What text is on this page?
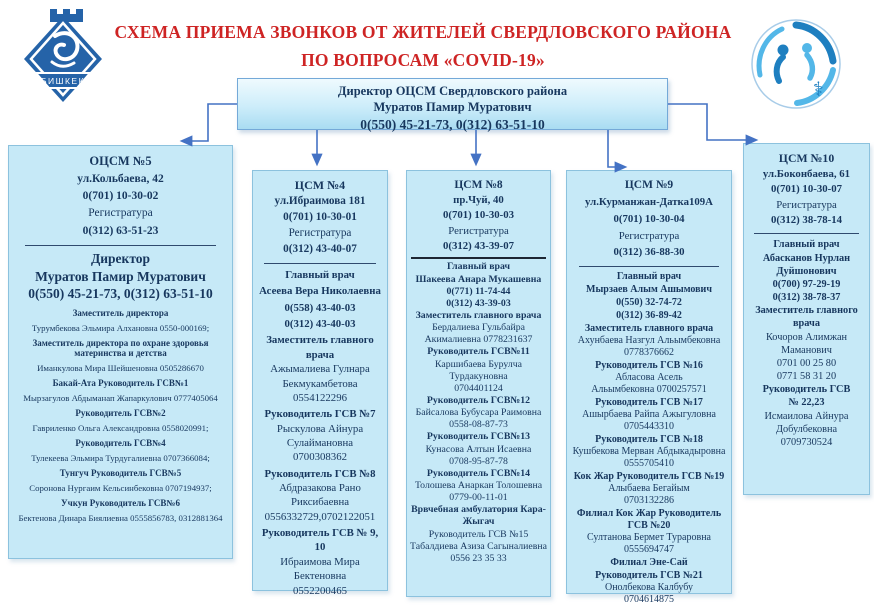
БИШКЕК	⚕
СХЕМА ПРИЕМА ЗВОНКОВ ОТ ЖИТЕЛЕЙ СВЕРДЛОВСКОГО РАЙОНА
ПО ВОПРОСАМ «COVID-19»
Директор ОЦСМ Свердловского района
Муратов Памир Муратович
0(550) 45-21-73, 0(312) 63-51-10
ОЦСМ №5
ул.Кольбаева, 42
0(701) 10-30-02
Регистратура
0(312) 63-51-23
Директор
Муратов Памир Муратович
0(550) 45-21-73, 0(312) 63-51-10
Заместитель директора
Турумбекова Эльмира Алхановна 0550-000169;
Заместитель директора по охране здоровья материнства и детства
Иманкулова Мира Шейшеновна 0505286670
Бакай-Ата Руководитель ГСВ№1
Мырзагулов Абдыманап Жапаркулович 0777405064
Руководитель ГСВ№2
Гавриленко Ольга Александровна 0558020991;
Руководитель ГСВ№4
Тулекеева Эльмира Турдугалиевна 0707366084;
Тунгуч Руководитель ГСВ№5
Соронова Нургаим Кельсинбековна 0707194937;
Учкун Руководитель ГСВ№6
Бектенова Динара Биялиевна 0555856783, 0312881364
ЦСМ №4
ул.Ибраимова 181
0(701) 10-30-01
Регистратура
0(312) 43-40-07
Главный врач
Асеева Вера Николаевна
0(558) 43-40-03
0(312) 43-40-03
Заместитель главного врача
Ажымалиева Гулнара Бекмукамбетова
0554122296
Руководитель ГСВ №7
Рыскулова Айнура Сулаймановна
0700308362
Руководитель ГСВ №8
Абдразакова Рано Риксибаевна
0556332729,0702122051
Руководитель ГСВ № 9, 10
Ибраимова Мира Бектеновна
0552200465
ЦСМ №8
пр.Чуй, 40
0(701) 10-30-03
Регистратура
0(312) 43-39-07
Главный врач
Шакеева Анара Мукашевна
0(771) 11-74-44
0(312) 43-39-03
Заместитель главного врача
Бердалиева Гульбайра Акималиевна 0778231637
Руководитель ГСВ№11
Каршибаева Бурулча Турдакуновна
0704401124
Руководитель ГСВ№12
Байсалова Бубусара Раимовна
0558-08-87-73
Руководитель ГСВ№13
Кунасова Алтын Исаевна
0708-95-87-78
Руководитель ГСВ№14
Толошева Анаркан Толошевна
0779-00-11-01
Врвчебная амбулатория Кара-Жыгач
Руководитель ГСВ №15
Табалдиева Азиза Сагыналиевна
0556 23 35 33
ЦСМ №9
ул.Курманжан-Датка109А
0(701) 10-30-04
Регистратура
0(312) 36-88-30
Главный врач
Мырзаев Алым Ашымович
0(550) 32-74-72
0(312) 36-89-42
Заместитель главного врача
Ахунбаева Назгул Альымбековна
0778376662
Руководитель ГСВ №16
Абласова Асель
Альымбековна 0700257571
Руководитель ГСВ №17
Ашырбаева Райпа Ажыгуловна
0705443310
Руководитель ГСВ №18
Кушбекова Мерван Абдыкадыровна
0555705410
Кок Жар Руководитель ГСВ №19
Алыбаева Бегайым
0703132286
Филиал Кок Жар Руководитель ГСВ №20
Султанова Бермет Тураровна
0555694747
Филиал Эне-Сай
Руководитель ГСВ №21
Онолбекова Калбубу
0704614875
ЦСМ №10
ул.Боконбаева, 61
0(701) 10-30-07
Регистратура
0(312) 38-78-14
Главный врач
Абасканов Нурлан Дуйшонович
0(700) 97-29-19
0(312) 38-78-37
Заместитель главного врача
Кочоров Алимжан Маманович
0701 00 25 80
0771 58 31 20
Руководитель ГСВ
№ 22,23
Исмаилова Айнура Добулбековна
0709730524
